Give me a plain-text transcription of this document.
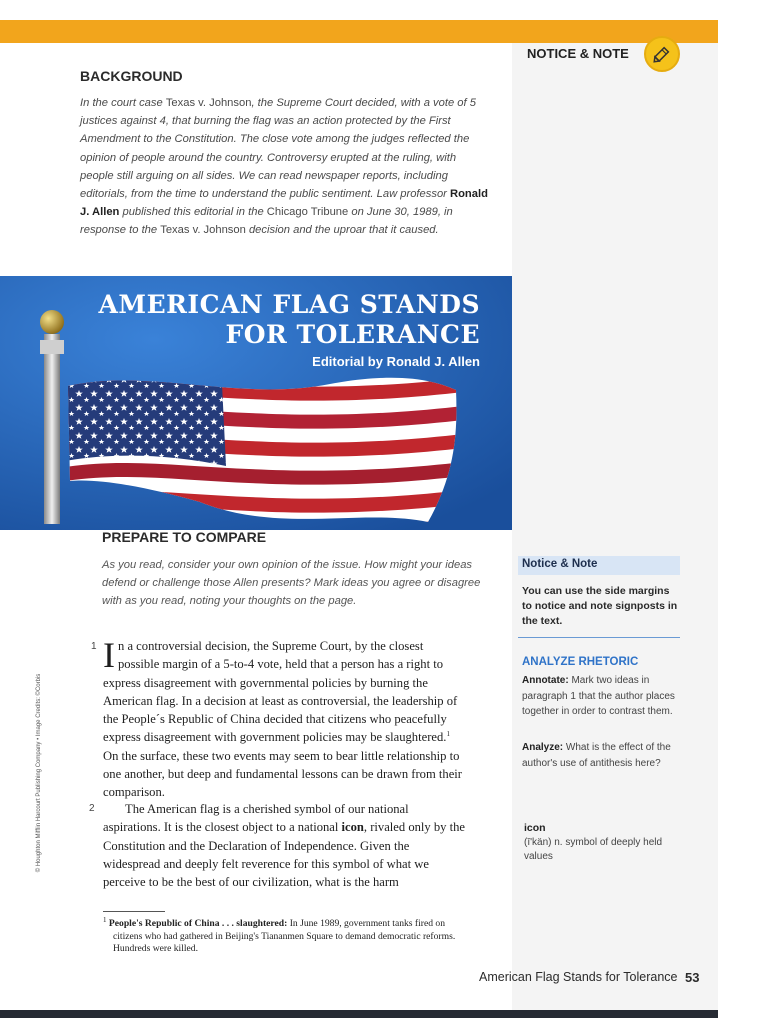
NOTICE & NOTE
BACKGROUND
In the court case Texas v. Johnson, the Supreme Court decided, with a vote of 5 justices against 4, that burning the flag was an action protected by the First Amendment to the Constitution. The close vote among the judges reflected the opinion of people around the country. Controversy erupted at the ruling, with people still arguing on all sides. We can read newspaper reports, including editorials, from the time to understand the public sentiment. Law professor Ronald J. Allen published this editorial in the Chicago Tribune on June 30, 1989, in response to the Texas v. Johnson decision and the uproar that it caused.
AMERICAN FLAG STANDS
FOR TOLERANCE
Editorial by Ronald J. Allen
PREPARE TO COMPARE
As you read, consider your own opinion of the issue. How might your ideas defend or challenge those Allen presents? Mark ideas you agree or disagree with as you read, noting your thoughts on the page.
1 In a controversial decision, the Supreme Court, by the closest possible margin of a 5-to-4 vote, held that a person has a right to express disagreement with governmental policies by burning the American flag. In a decision at least as controversial, the leadership of the People´s Republic of China decided that citizens who peacefully express disagreement with government policies may be slaughtered.$^1$ On the surface, these two events may seem to bear little relationship to one another, but deep and fundamental lessons can be drawn from their comparison.
2	The American flag is a cherished symbol of our national aspirations. It is the closest object to a national icon, rivaled only by the Constitution and the Declaration of Independence. Given the widespread and deeply felt reverence for this symbol of what we perceive to be the best of our civilization, what is the harm
$^1$ People's Republic of China . . . slaughtered: In June 1989, government tanks fired on citizens who had gathered in Beijing's Tiananmen Square to demand democratic reforms. Hundreds were killed.
© Houghton Mifflin Harcourt Publishing Company • Image Credits: ©Corbis
Notice & Note
You can use the side margins to notice and note signposts in the text.
ANALYZE RHETORIC
Annotate: Mark two ideas in paragraph 1 that the author places together in order to contrast them.
Analyze: What is the effect of the author's use of antithesis here?
icon
(ī'kän) n. symbol of deeply held values
American Flag Stands for Tolerance 53
